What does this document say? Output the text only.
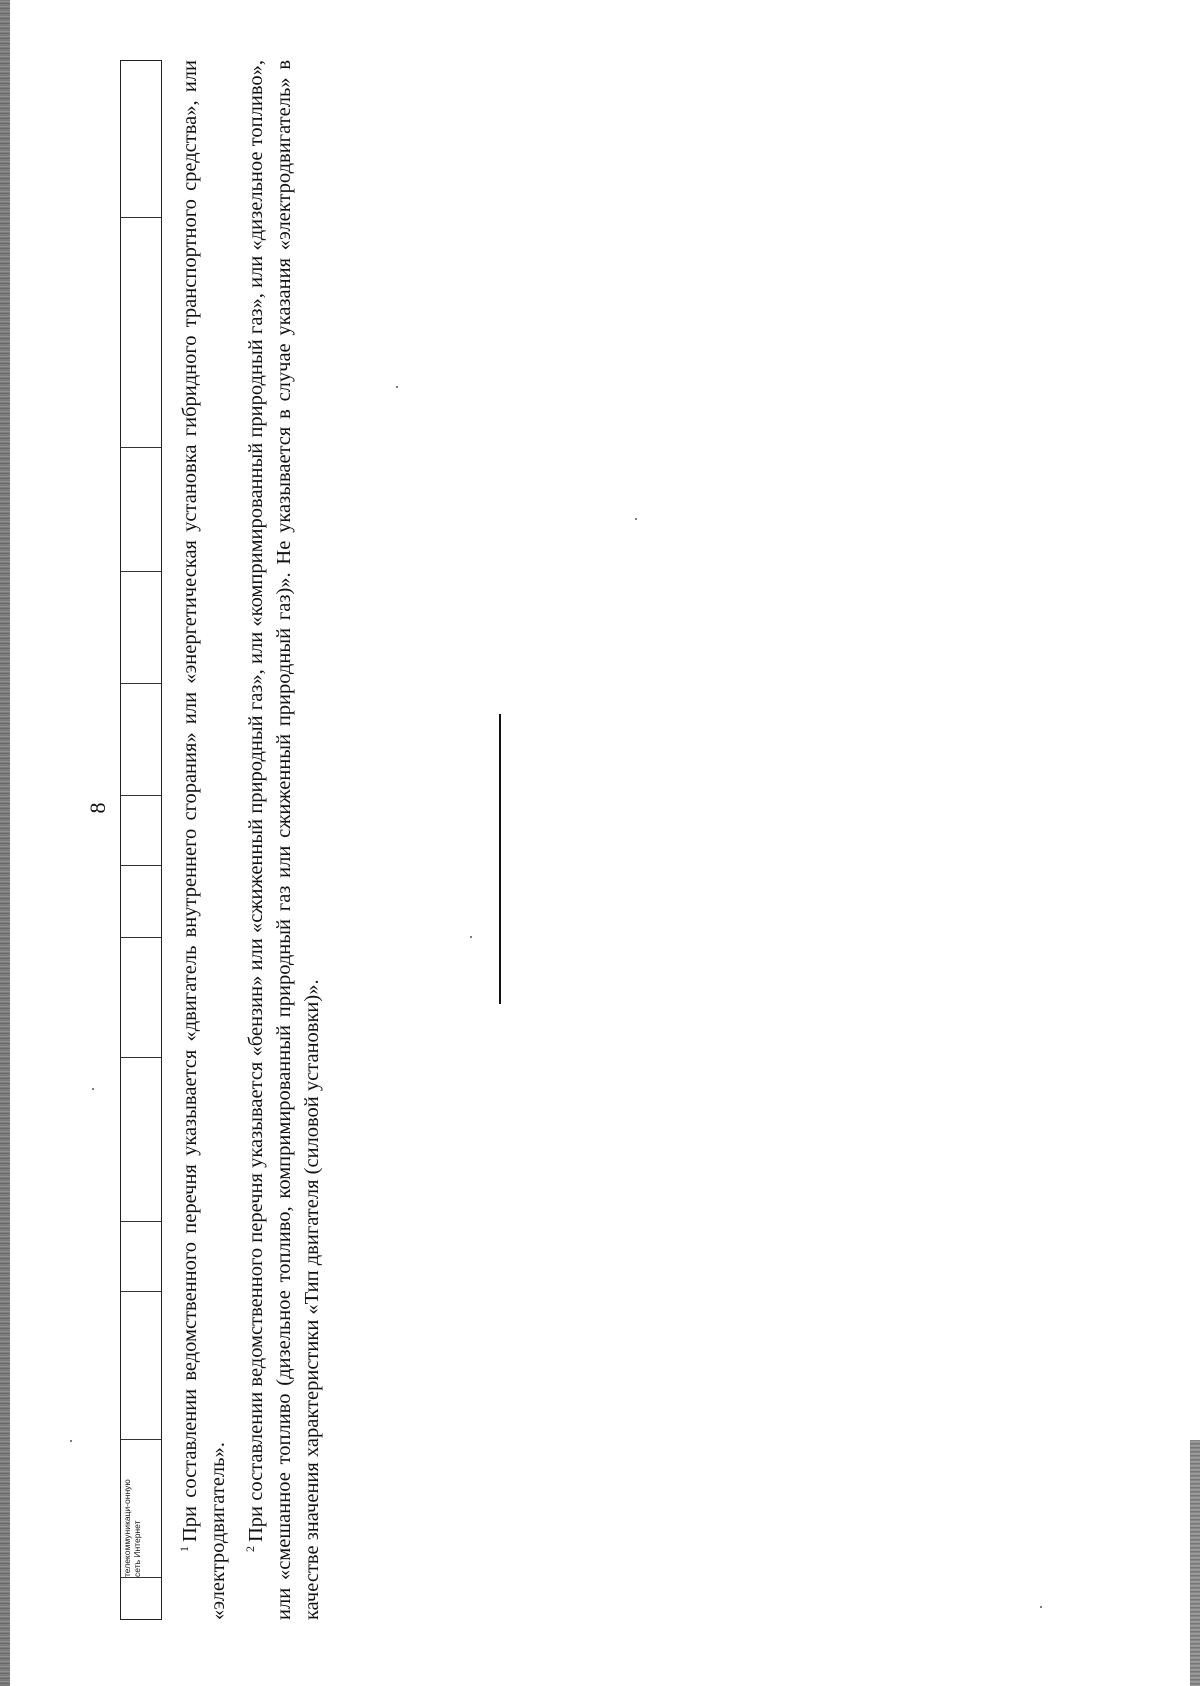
8
телекоммуникаци-онную сеть Интернет	$^1$При составлении ведомственного перечня указывается «двигатель внутреннего сгорания» или «энергетическая установка гибридного транспортного средства», или «электродвигатель».	$^2$При составлении ведомственного перечня указывается «бензин» или «сжиженный природный газ», или «компримированный природный газ», или «дизельное топливо», или «смешанное топливо (дизельное топливо, компримированный природный газ или сжиженный природный газ)». Не указывается в случае указания «электродвигатель» в качестве значения характеристики «Тип двигателя (силовой установки)».
